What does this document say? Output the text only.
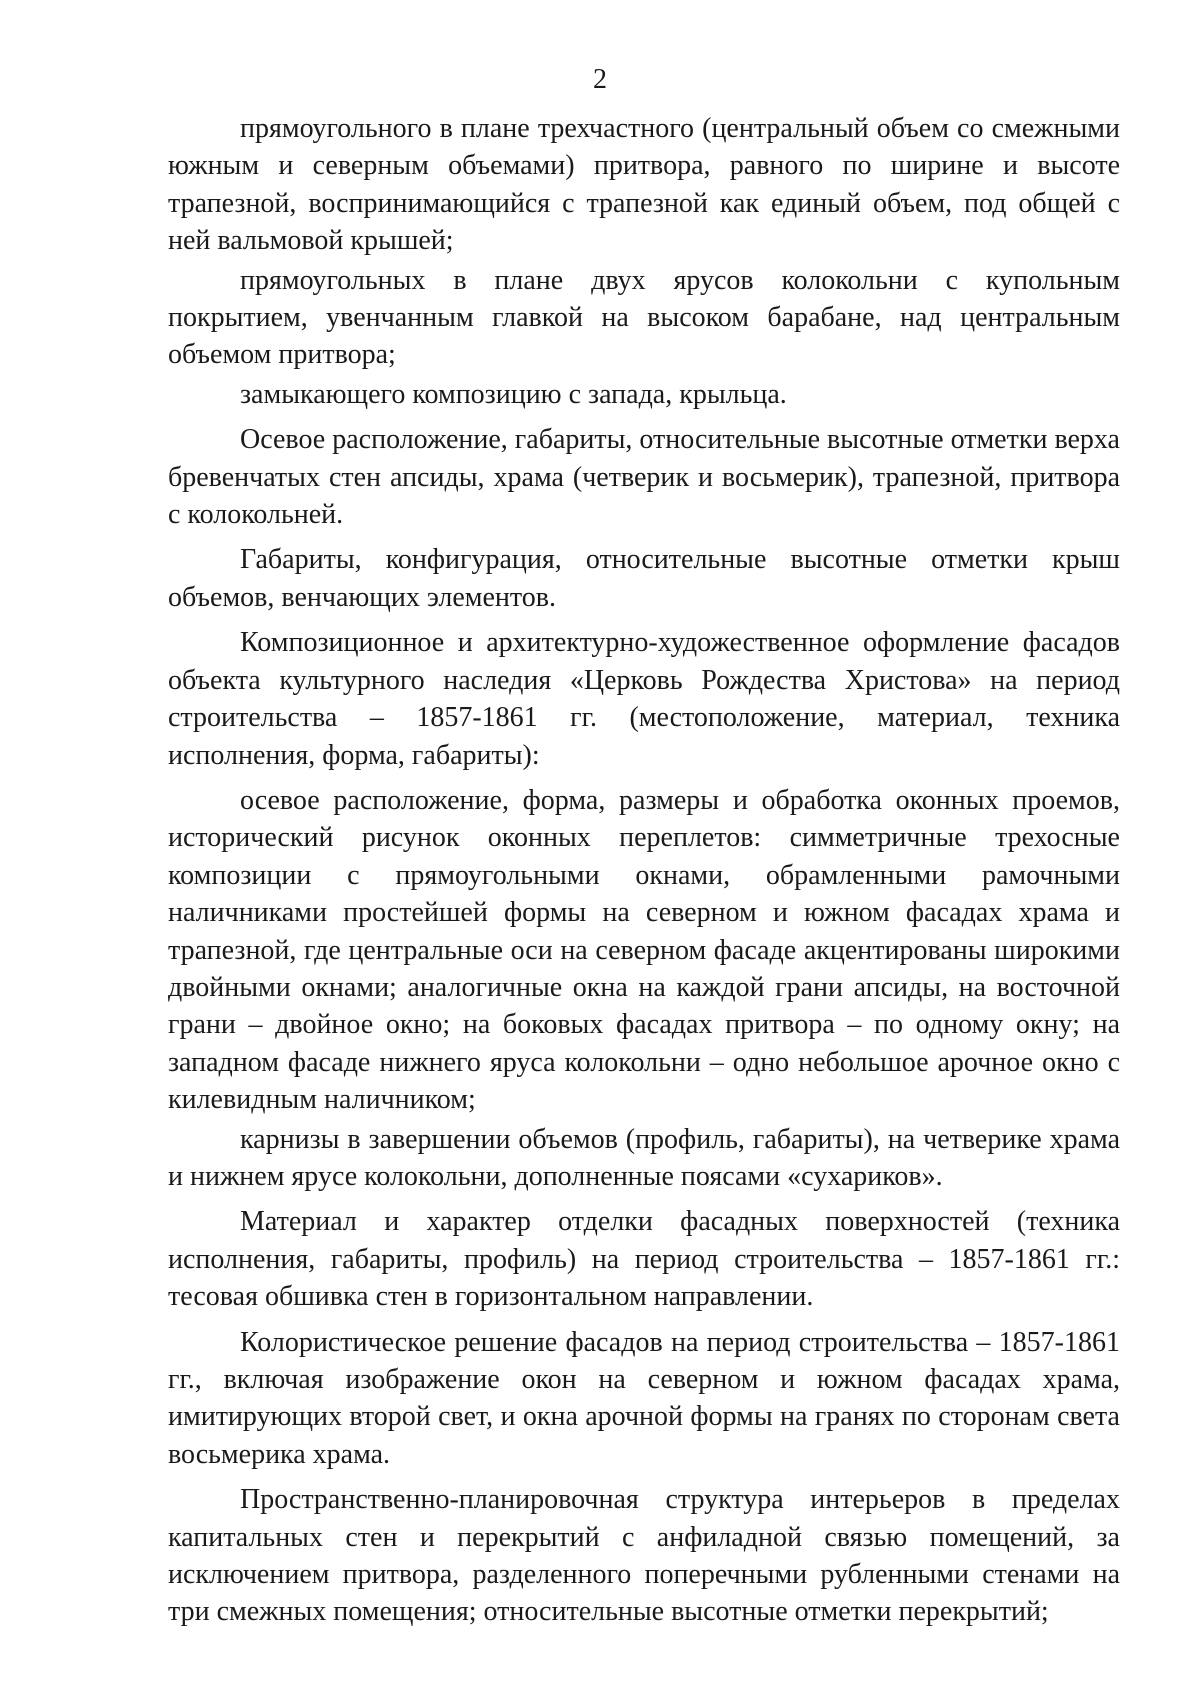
2

прямоугольного в плане трехчастного (центральный объем со смежными южным и северным объемами) притвора, равного по ширине и высоте трапезной, воспринимающийся с трапезной как единый объем, под общей с ней вальмовой крышей;

прямоугольных в плане двух ярусов колокольни с купольным покрытием, увенчанным главкой на высоком барабане, над центральным объемом притвора;

замыкающего композицию с запада, крыльца.

Осевое расположение, габариты, относительные высотные отметки верха бревенчатых стен апсиды, храма (четверик и восьмерик), трапезной, притвора с колокольней.

Габариты, конфигурация, относительные высотные отметки крыш объемов, венчающих элементов.

Композиционное и архитектурно-художественное оформление фасадов объекта культурного наследия «Церковь Рождества Христова» на период строительства – 1857-1861 гг. (местоположение, материал, техника исполнения, форма, габариты):

осевое расположение, форма, размеры и обработка оконных проемов, исторический рисунок оконных переплетов: симметричные трехосные композиции с прямоугольными окнами, обрамленными рамочными наличниками простейшей формы на северном и южном фасадах храма и трапезной, где центральные оси на северном фасаде акцентированы широкими двойными окнами; аналогичные окна на каждой грани апсиды, на восточной грани – двойное окно; на боковых фасадах притвора – по одному окну; на западном фасаде нижнего яруса колокольни – одно небольшое арочное окно с килевидным наличником;

карнизы в завершении объемов (профиль, габариты), на четверике храма и нижнем ярусе колокольни, дополненные поясами «сухариков».

Материал и характер отделки фасадных поверхностей (техника исполнения, габариты, профиль) на период строительства – 1857-1861 гг.: тесовая обшивка стен в горизонтальном направлении.

Колористическое решение фасадов на период строительства – 1857-1861 гг., включая изображение окон на северном и южном фасадах храма, имитирующих второй свет, и окна арочной формы на гранях по сторонам света восьмерика храма.

Пространственно-планировочная структура интерьеров в пределах капитальных стен и перекрытий с анфиладной связью помещений, за исключением притвора, разделенного поперечными рубленными стенами на три смежных помещения; относительные высотные отметки перекрытий;
